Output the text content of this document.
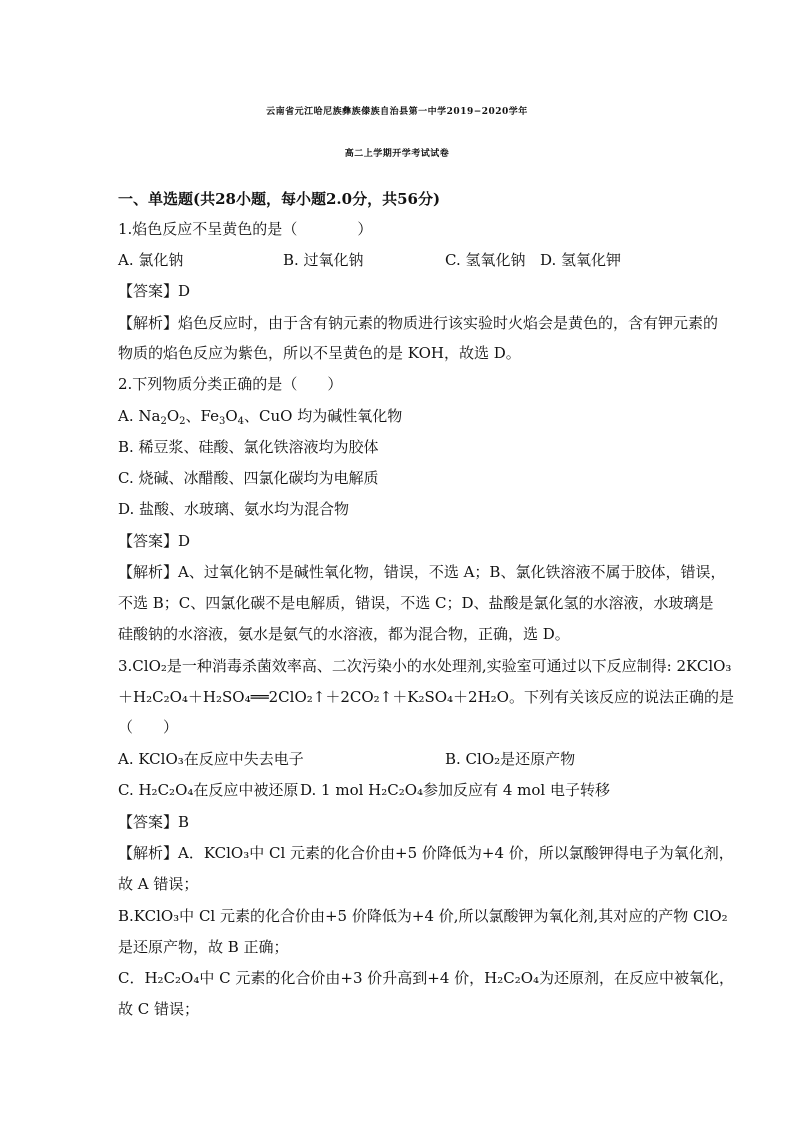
云南省元江哈尼族彝族傣族自治县第一中学2019−2020学年
高二上学期开学考试试卷
一、单选题(共28小题，每小题2.0分，共56分)
1.焰色反应不呈黄色的是（　　　　）
A. 氯化钠	B. 过氧化钠	C. 氢氧化钠 D. 氢氧化钾
【答案】D
【解析】焰色反应时，由于含有钠元素的物质进行该实验时火焰会是黄色的，含有钾元素的
物质的焰色反应为紫色，所以不呈黄色的是 KOH，故选 D。
2.下列物质分类正确的是（　　）
A. $Na_2O_2$、$Fe_3O_4$、CuO 均为碱性氧化物
B. 稀豆浆、硅酸、氯化铁溶液均为胶体
C. 烧碱、冰醋酸、四氯化碳均为电解质
D. 盐酸、水玻璃、氨水均为混合物
【答案】D
【解析】A、过氧化钠不是碱性氧化物，错误，不选 A；B、氯化铁溶液不属于胶体，错误，
不选 B；C、四氯化碳不是电解质，错误，不选 C；D、盐酸是氯化氢的水溶液，水玻璃是
硅酸钠的水溶液，氨水是氨气的水溶液，都为混合物，正确，选 D。
3.ClO₂是一种消毒杀菌效率高、二次污染小的水处理剂,实验室可通过以下反应制得: 2KClO₃
＋H₂C₂O₄＋H₂SO₄══2ClO₂↑＋2CO₂↑＋K₂SO₄＋2H₂O。下列有关该反应的说法正确的是
（　　）
A. KClO₃在反应中失去电子	B. ClO₂是还原产物
C. H₂C₂O₄在反应中被还原 D. 1 mol H₂C₂O₄参加反应有 4 mol 电子转移
【答案】B
【解析】A．KClO₃中 Cl 元素的化合价由+5 价降低为+4 价，所以氯酸钾得电子为氧化剂，
故 A 错误；
B.KClO₃中 Cl 元素的化合价由+5 价降低为+4 价,所以氯酸钾为氧化剂,其对应的产物 ClO₂
是还原产物，故 B 正确；
C．H₂C₂O₄中 C 元素的化合价由+3 价升高到+4 价，H₂C₂O₄为还原剂，在反应中被氧化，
故 C 错误；
